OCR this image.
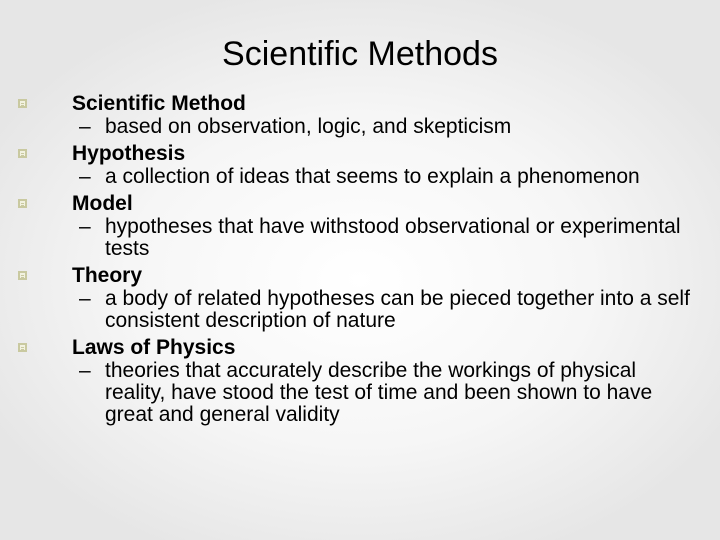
Scientific Methods
Scientific Method
– based on observation, logic, and skepticism
Hypothesis
– a collection of ideas that seems to explain a phenomenon
Model
– hypotheses that have withstood observational or experimental tests
Theory
– a body of related hypotheses can be pieced together into a self consistent description of nature
Laws of Physics
– theories that accurately describe the workings of physical reality, have stood the test of time and been shown to have great and general validity
